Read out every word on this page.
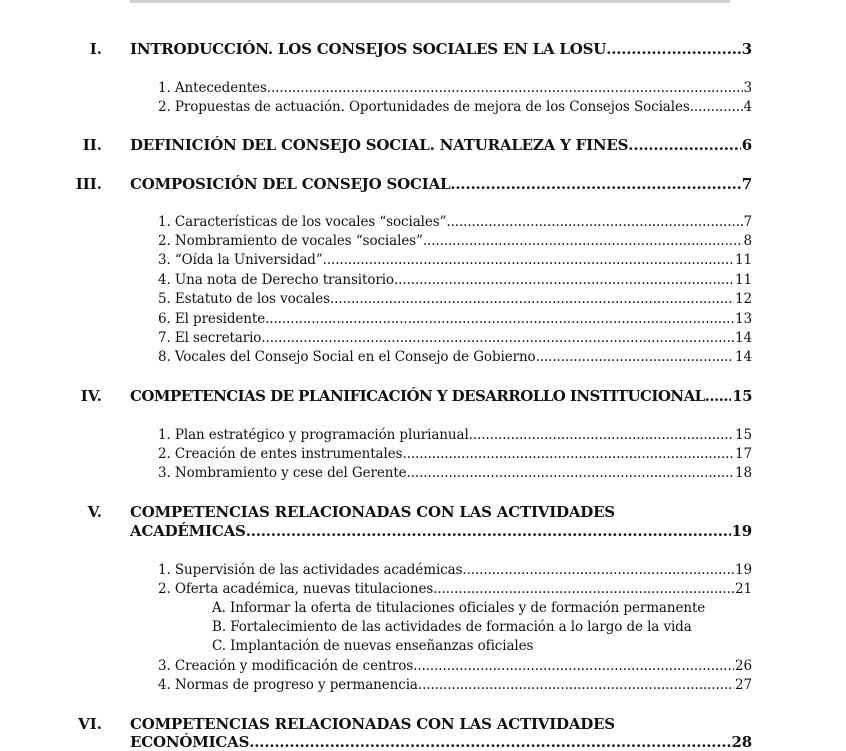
I. INTRODUCCIÓN. LOS CONSEJOS SOCIALES EN LA LOSU .....	3
1. Antecedentes .....	3
2. Propuestas de actuación. Oportunidades de mejora de los Consejos Sociales .....	4
II. DEFINICIÓN DEL CONSEJO SOCIAL. NATURALEZA Y FINES .....	6
III. COMPOSICIÓN DEL CONSEJO SOCIAL .....	7
1. Características de los vocales “sociales” .....	7
2. Nombramiento de vocales “sociales” .....	8
3. “Oída la Universidad” .....	11
4. Una nota de Derecho transitorio .....	11
5. Estatuto de los vocales .....	12
6. El presidente .....	13
7. El secretario .....	14
8. Vocales del Consejo Social en el Consejo de Gobierno .....	14
IV. COMPETENCIAS DE PLANIFICACIÓN Y DESARROLLO INSTITUCIONAL ..... 15
1. Plan estratégico y programación plurianual .....	15
2. Creación de entes instrumentales .....	17
3. Nombramiento y cese del Gerente .....	18
V. COMPETENCIAS RELACIONADAS CON LAS ACTIVIDADES
ACADÉMICAS .....	19
1. Supervisión de las actividades académicas .....	19
2. Oferta académica, nuevas titulaciones .....	21
A. Informar la oferta de titulaciones oficiales y de formación permanente
B. Fortalecimiento de las actividades de formación a lo largo de la vida
C. Implantación de nuevas enseñanzas oficiales
3. Creación y modificación de centros .....	26
4. Normas de progreso y permanencia .....	27
VI. COMPETENCIAS RELACIONADAS CON LAS ACTIVIDADES
ECONÓMICAS .....	28
